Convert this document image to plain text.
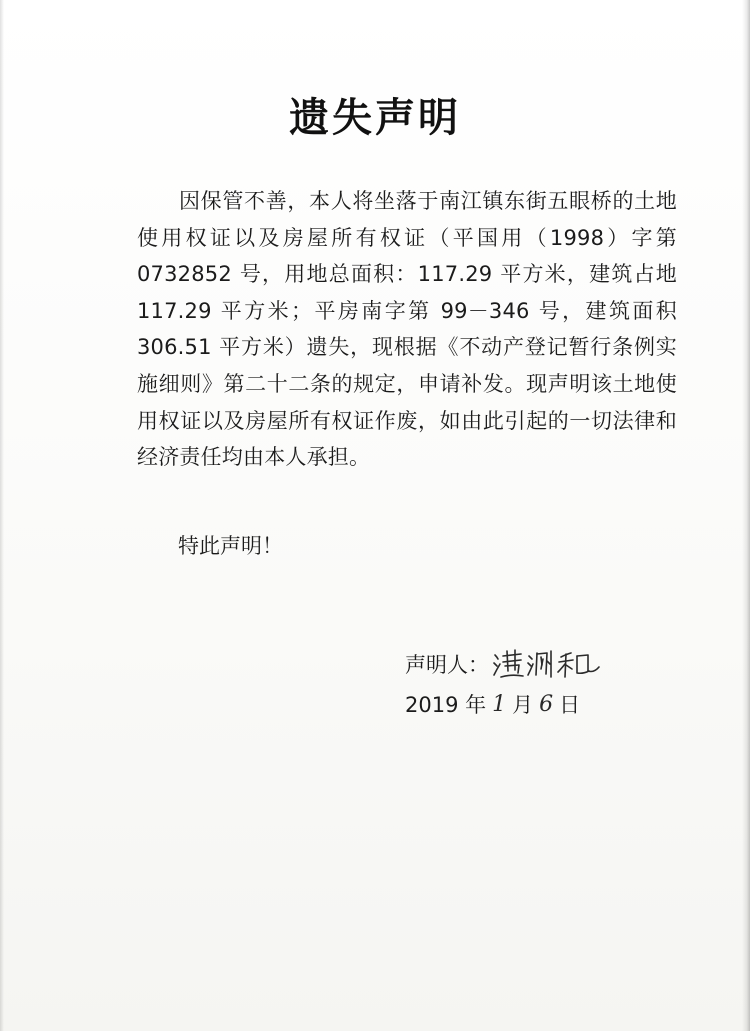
遗失声明
因保管不善，本人将坐落于南江镇东街五眼桥的土地使用权证以及房屋所有权证（平国用（1998）字第0732852 号，用地总面积：117.29 平方米，建筑占地117.29 平方米；平房南字第 99－346 号，建筑面积306.51 平方米）遗失，现根据《不动产登记暂行条例实施细则》第二十二条的规定，申请补发。现声明该土地使用权证以及房屋所有权证作废，如由此引起的一切法律和经济责任均由本人承担。
特此声明！
声明人：
湛洲和
2019 年 1 月 6 日
